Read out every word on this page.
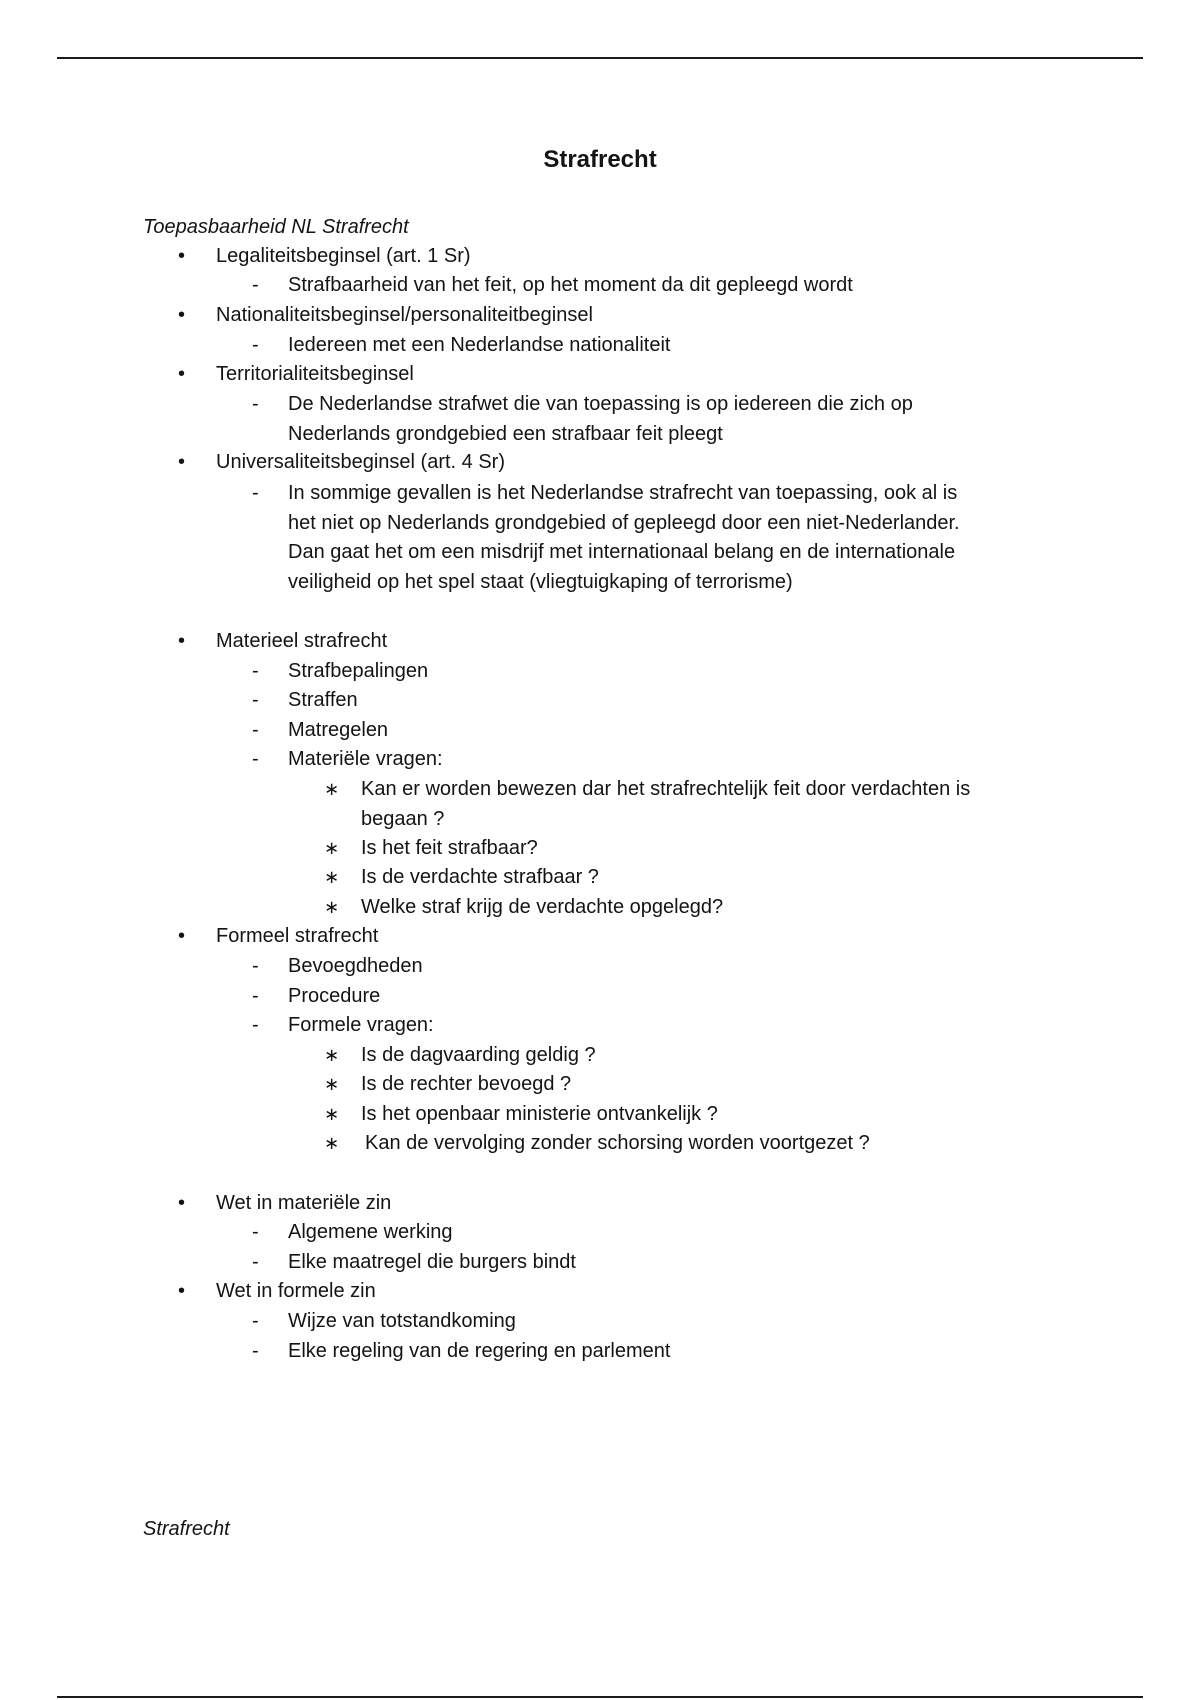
Strafrecht
Toepasbaarheid NL Strafrecht
• Legaliteitsbeginsel (art. 1 Sr)
- Strafbaarheid van het feit, op het moment da dit gepleegd wordt
• Nationaliteitsbeginsel/personaliteitbeginsel
- Iedereen met een Nederlandse nationaliteit
• Territorialiteitsbeginsel
- De Nederlandse strafwet die van toepassing is op iedereen die zich op
Nederlands grondgebied een strafbaar feit pleegt
• Universaliteitsbeginsel (art. 4 Sr)
- In sommige gevallen is het Nederlandse strafrecht van toepassing, ook al is
het niet op Nederlands grondgebied of gepleegd door een niet-Nederlander.
Dan gaat het om een misdrijf met internationaal belang en de internationale
veiligheid op het spel staat (vliegtuigkaping of terrorisme)
• Materieel strafrecht
- Strafbepalingen
- Straffen
- Matregelen
- Materiële vragen:
∗ Kan er worden bewezen dar het strafrechtelijk feit door verdachten is
begaan ?
∗ Is het feit strafbaar?
∗ Is de verdachte strafbaar ?
∗ Welke straf krijg de verdachte opgelegd?
• Formeel strafrecht
- Bevoegdheden
- Procedure
- Formele vragen:
∗ Is de dagvaarding geldig ?
∗ Is de rechter bevoegd ?
∗ Is het openbaar ministerie ontvankelijk ?
∗ Kan de vervolging zonder schorsing worden voortgezet ?
• Wet in materiële zin
- Algemene werking
- Elke maatregel die burgers bindt
• Wet in formele zin
- Wijze van totstandkoming
- Elke regeling van de regering en parlement
Strafrecht
